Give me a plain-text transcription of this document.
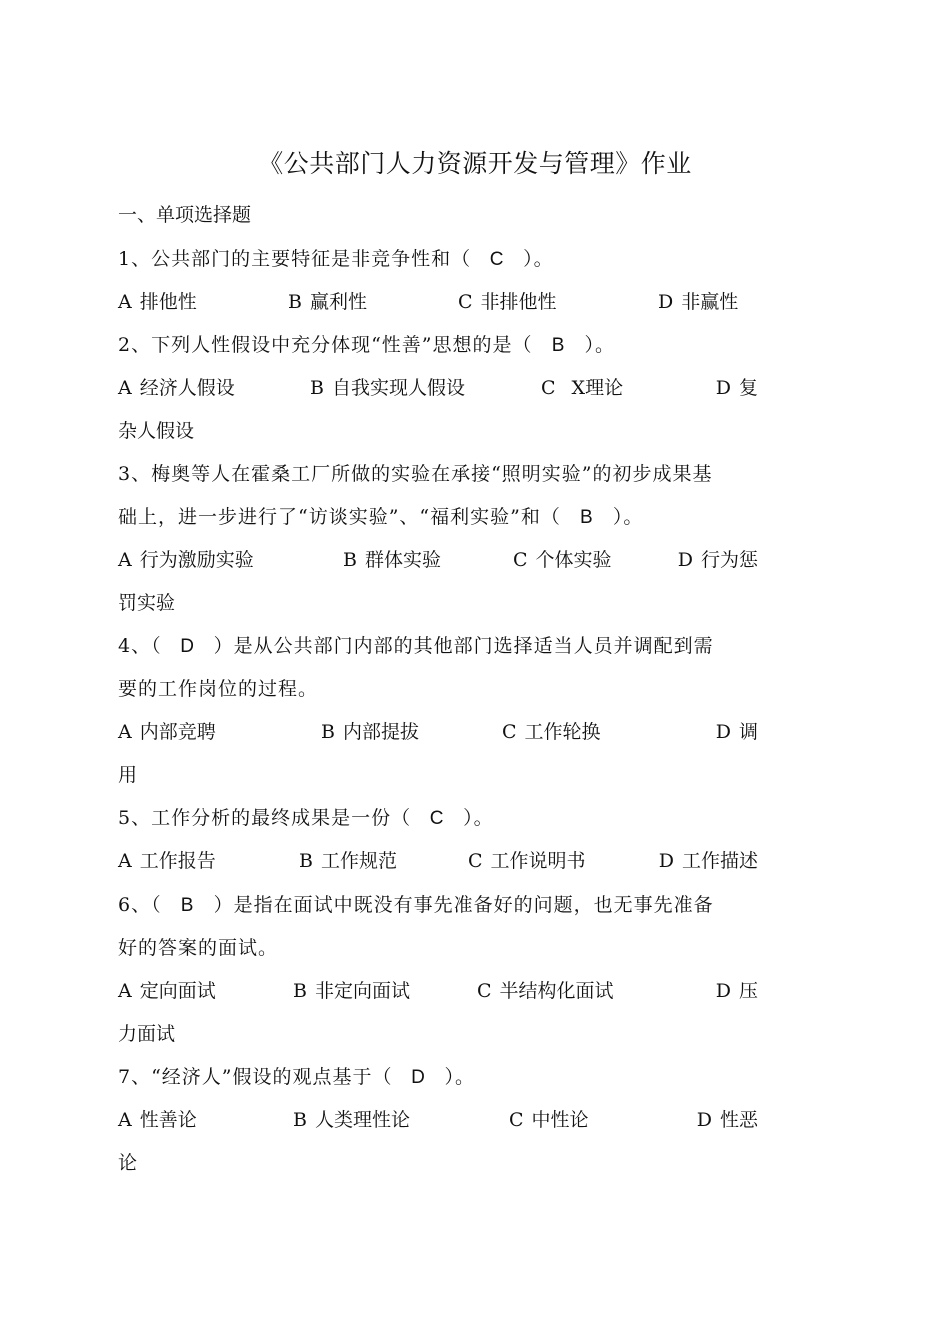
《公共部门人力资源开发与管理》作业
一、单项选择题
1、公共部门的主要特征是非竞争性和（ C ）。
A 排他性	B 赢利性	C 非排他性	D 非赢性
2、下列人性假设中充分体现“性善”思想的是（ B ）。
A 经济人假设	B 自我实现人假设	C X理论	D 复
杂人假设
3、梅奥等人在霍桑工厂所做的实验在承接“照明实验”的初步成果基
础上，进一步进行了“访谈实验”、“福利实验”和（ B ）。
A 行为激励实验	B 群体实验	C 个体实验	D 行为惩
罚实验
4、（ D ）是从公共部门内部的其他部门选择适当人员并调配到需
要的工作岗位的过程。
A 内部竞聘	B 内部提拔	C 工作轮换	D 调
用
5、工作分析的最终成果是一份（ C ）。
A 工作报告	B 工作规范	C 工作说明书	D 工作描述
6、（ B ）是指在面试中既没有事先准备好的问题，也无事先准备
好的答案的面试。
A 定向面试	B 非定向面试	C 半结构化面试	D 压
力面试
7、“经济人”假设的观点基于（ D ）。
A 性善论	B 人类理性论	C 中性论	D 性恶
论
